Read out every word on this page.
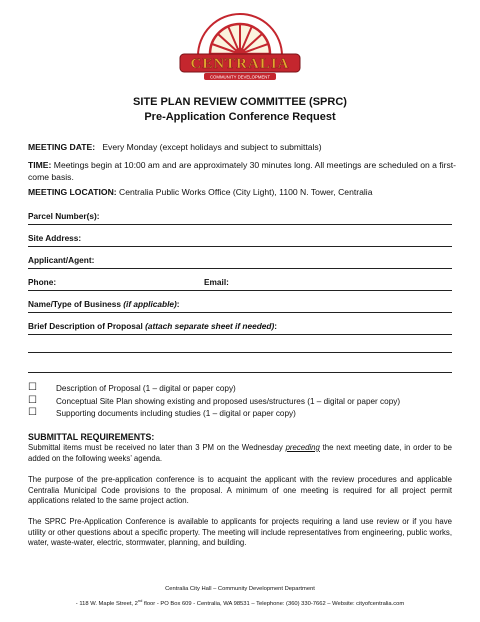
CENTRALIA
COMMUNITY DEVELOPMENT
SITE PLAN REVIEW COMMITTEE (SPRC)
Pre-Application Conference Request
MEETING DATE: Every Monday (except holidays and subject to submittals)
TIME: Meetings begin at 10:00 am and are approximately 30 minutes long. All meetings are scheduled on a first-come basis.
MEETING LOCATION: Centralia Public Works Office (City Light), 1100 N. Tower, Centralia
Parcel Number(s):
Site Address:
Applicant/Agent:
Phone:	Email:
Name/Type of Business (if applicable):
Brief Description of Proposal (attach separate sheet if needed):
☐ Description of Proposal (1 – digital or paper copy)
☐ Conceptual Site Plan showing existing and proposed uses/structures (1 – digital or paper copy)
☐ Supporting documents including studies (1 – digital or paper copy)
SUBMITTAL REQUIREMENTS:
Submittal items must be received no later than 3 PM on the Wednesday preceding the next meeting date, in order to be added on the following weeks’ agenda.
The purpose of the pre-application conference is to acquaint the applicant with the review procedures and applicable Centralia Municipal Code provisions to the proposal. A minimum of one meeting is required for all project permit applications related to the same project action.
The SPRC Pre-Application Conference is available to applicants for projects requiring a land use review or if you have utility or other questions about a specific property. The meeting will include representatives from engineering, public works, water, waste-water, electric, stormwater, planning, and building.
Centralia City Hall – Community Development Department
- 118 W. Maple Street, 2nd floor - PO Box 609 - Centralia, WA 98531 – Telephone: (360) 330-7662 – Website: cityofcentralia.com
